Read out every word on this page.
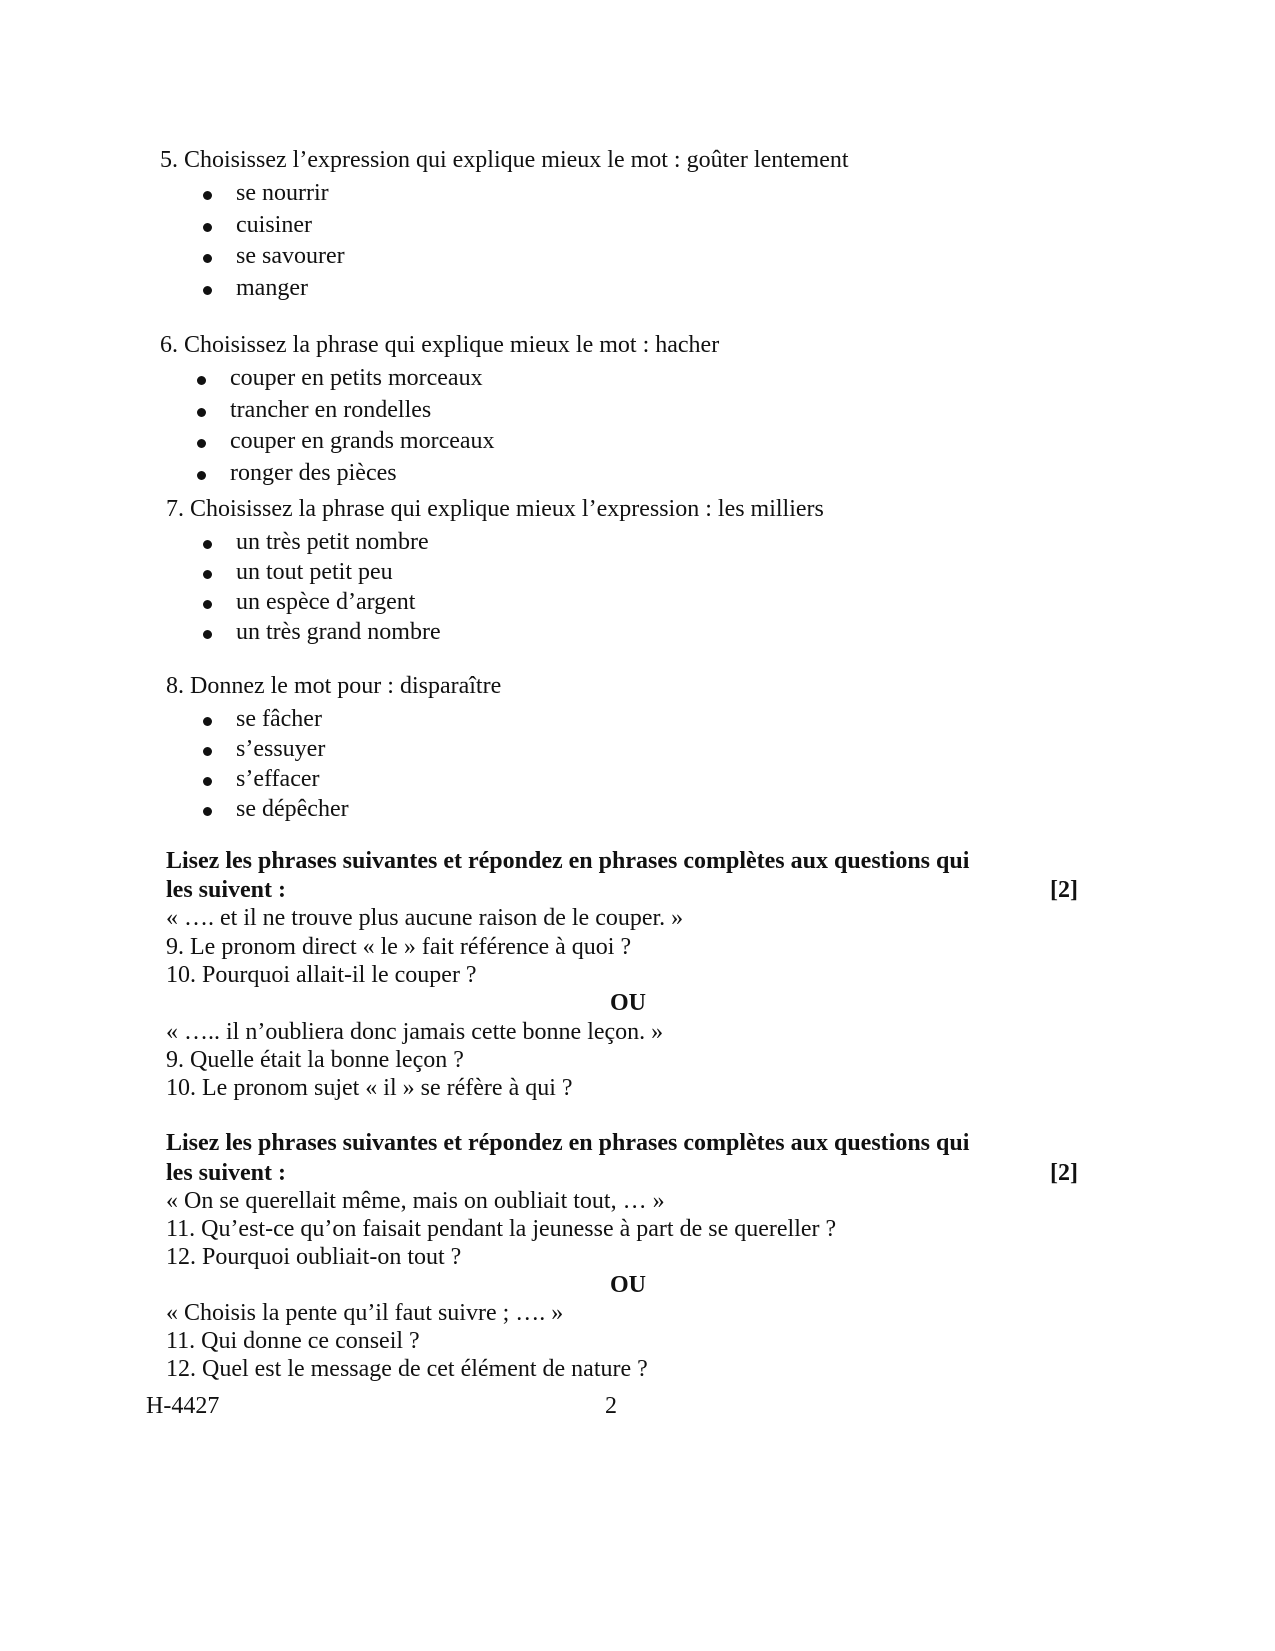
5. Choisissez l’expression qui explique mieux le mot : goûter lentement
se nourrir
cuisiner
se savourer
manger
6. Choisissez la phrase qui explique mieux le mot : hacher
couper en petits morceaux
trancher en rondelles
couper en grands morceaux
ronger des pièces
7. Choisissez la phrase qui explique mieux l’expression : les milliers
un très petit nombre
un tout petit peu
un espèce d’argent
un très grand nombre
8. Donnez le mot pour : disparaître
se fâcher
s’essuyer
s’effacer
se dépêcher
Lisez les phrases suivantes et répondez en phrases complètes aux questions qui
les suivent :	[2]
« …. et il ne trouve plus aucune raison de le couper. »
9. Le pronom direct « le » fait référence à quoi ?
10. Pourquoi allait-il le couper ?
OU
« ….. il n’oubliera donc jamais cette bonne leçon. »
9. Quelle était la bonne leçon ?
10. Le pronom sujet « il » se réfère à qui ?
Lisez les phrases suivantes et répondez en phrases complètes aux questions qui
les suivent :	[2]
« On se querellait même, mais on oubliait tout, … »
11. Qu’est-ce qu’on faisait pendant la jeunesse à part de se quereller ?
12. Pourquoi oubliait-on tout ?
OU
« Choisis la pente qu’il faut suivre ; …. »
11. Qui donne ce conseil ?
12. Quel est le message de cet élément de nature ?
H-4427	2
